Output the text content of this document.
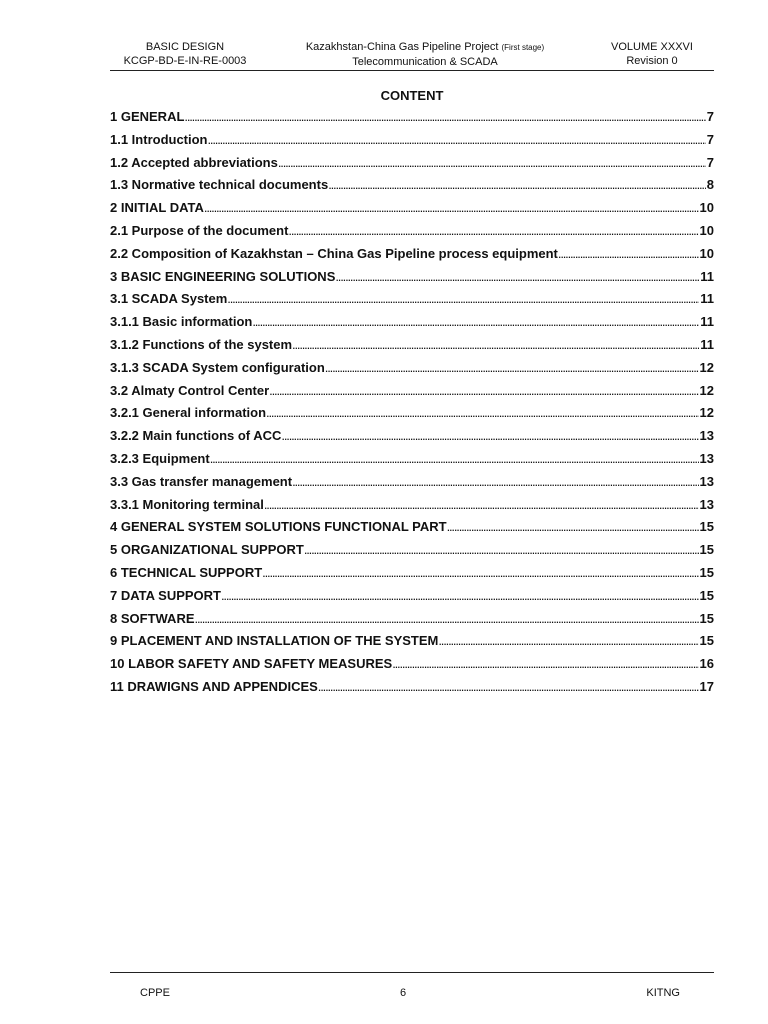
BASIC DESIGN
KCGP-BD-E-IN-RE-0003
Kazakhstan-China Gas Pipeline Project (First stage)
Telecommunication & SCADA
VOLUME XXXVI
Revision 0
CONTENT
1 GENERAL . . .	7
1.1 Introduction . . .	7
1.2 Accepted abbreviations . . .	7
1.3 Normative technical documents . . .	8
2 INITIAL DATA . . .	10
2.1 Purpose of the document . . .	10
2.2 Composition of Kazakhstan – China Gas Pipeline process equipment . . .	10
3 BASIC ENGINEERING SOLUTIONS . . .	11
3.1 SCADA System . . .	11
3.1.1 Basic information . . .	11
3.1.2 Functions of the system . . .	11
3.1.3 SCADA System configuration . . .	12
3.2 Almaty Control Center . . .	12
3.2.1 General information . . .	12
3.2.2 Main functions of ACC . . .	13
3.2.3 Equipment . . .	13
3.3 Gas transfer management . . .	13
3.3.1 Monitoring terminal . . .	13
4 GENERAL SYSTEM SOLUTIONS FUNCTIONAL PART . . .	15
5 ORGANIZATIONAL SUPPORT . . .	15
6 TECHNICAL SUPPORT . . .	15
7 DATA SUPPORT . . .	15
8 SOFTWARE . . .	15
9 PLACEMENT AND INSTALLATION OF THE SYSTEM . . .	15
10 LABOR SAFETY AND SAFETY MEASURES . . .	16
11 DRAWIGNS AND APPENDICES . . .	17
CPPE	6	KITNG
